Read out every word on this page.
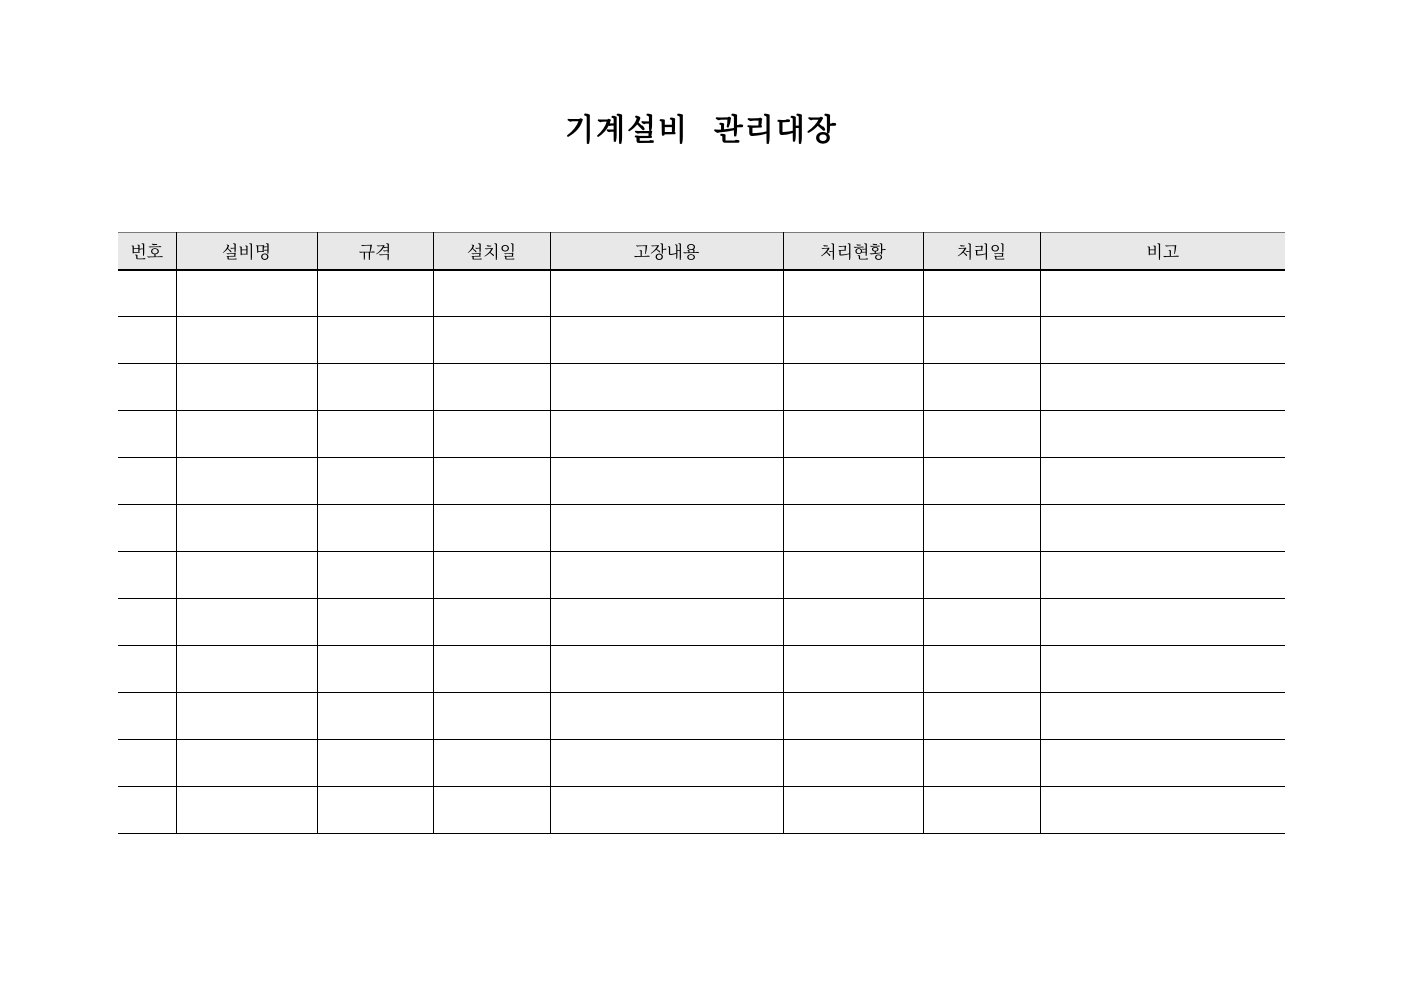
기계설비  관리대장
번호	설비명	규격	설치일	고장내용	처리현황	처리일	비고
